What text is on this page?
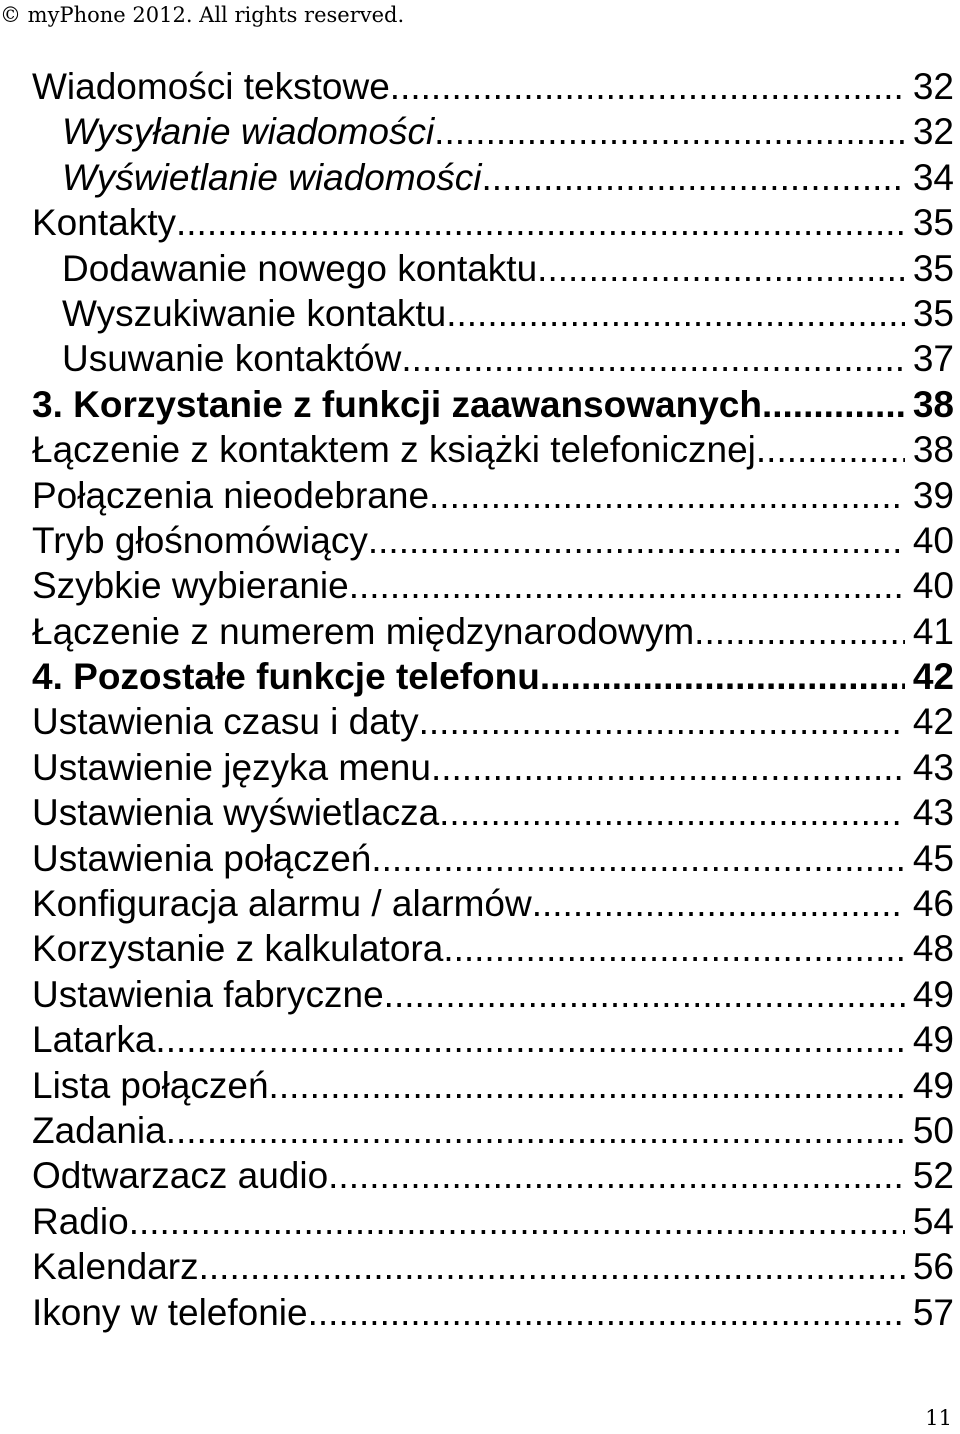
© myPhone 2012. All rights reserved.
Wiadomości tekstowe .....	32
Wysyłanie wiadomości .....	32
Wyświetlanie wiadomości .....	34
Kontakty .....	35
Dodawanie nowego kontaktu .....	35
Wyszukiwanie kontaktu .....	35
Usuwanie kontaktów .....	37
3. Korzystanie z funkcji zaawansowanych .....	38
Łączenie z kontaktem z książki telefonicznej .....	38
Połączenia nieodebrane .....	39
Tryb głośnomówiący .....	40
Szybkie wybieranie .....	40
Łączenie z numerem międzynarodowym .....	41
4. Pozostałe funkcje telefonu .....	42
Ustawienia czasu i daty .....	42
Ustawienie języka menu .....	43
Ustawienia wyświetlacza .....	43
Ustawienia połączeń .....	45
Konfiguracja alarmu / alarmów .....	46
Korzystanie z kalkulatora .....	48
Ustawienia fabryczne .....	49
Latarka .....	49
Lista połączeń .....	49
Zadania .....	50
Odtwarzacz audio .....	52
Radio .....	54
Kalendarz .....	56
Ikony w telefonie .....	57
11
